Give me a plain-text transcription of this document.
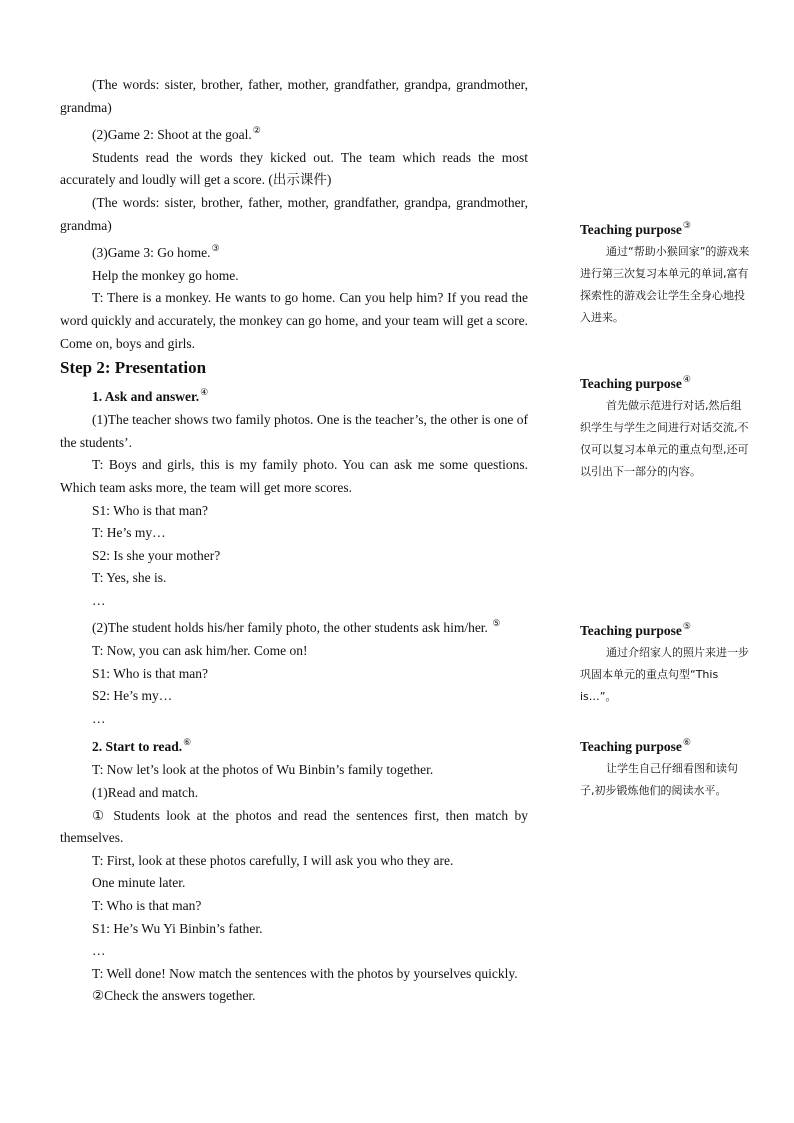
(The words: sister, brother, father, mother, grandfather, grandpa, grandmother, grandma)

(2)Game 2: Shoot at the goal.②

Students read the words they kicked out. The team which reads the most accurately and loudly will get a score. (出示课件)

(The words: sister, brother, father, mother, grandfather, grandpa, grandmother, grandma)

(3)Game 3: Go home.③

Help the monkey go home.

T: There is a monkey. He wants to go home. Can you help him? If you read the word quickly and accurately, the monkey can go home, and your team will get a score. Come on, boys and girls.

Step 2: Presentation

1. Ask and answer.④

(1)The teacher shows two family photos. One is the teacher’s, the other is one of the students’.

T: Boys and girls, this is my family photo. You can ask me some questions. Which team asks more, the team will get more scores.

S1: Who is that man?

T: He’s my…

S2: Is she your mother?

T: Yes, she is.

…

(2)The student holds his/her family photo, the other students ask him/her. ⑤

T: Now, you can ask him/her. Come on!

S1: Who is that man?

S2: He’s my…

…

2. Start to read.⑥

T: Now let’s look at the photos of Wu Binbin’s family together.

(1)Read and match.

① Students look at the photos and read the sentences first, then match by themselves.

T: First, look at these photos carefully, I will ask you who they are.

One minute later.

T: Who is that man?

S1: He’s Wu Yi Binbin’s father.

…

T: Well done! Now match the sentences with the photos by yourselves quickly.

②Check the answers together.

Teaching purpose③

通过“帮助小猴回家”的游戏来进行第三次复习本单元的单词,富有探索性的游戏会让学生全身心地投入进来。

Teaching purpose④

首先做示范进行对话,然后组织学生与学生之间进行对话交流,不仅可以复习本单元的重点句型,还可以引出下一部分的内容。

Teaching purpose⑤

通过介绍家人的照片来进一步巩固本单元的重点句型“This is…”。

Teaching purpose⑥

让学生自己仔细看图和读句子,初步锻炼他们的阅读水平。
